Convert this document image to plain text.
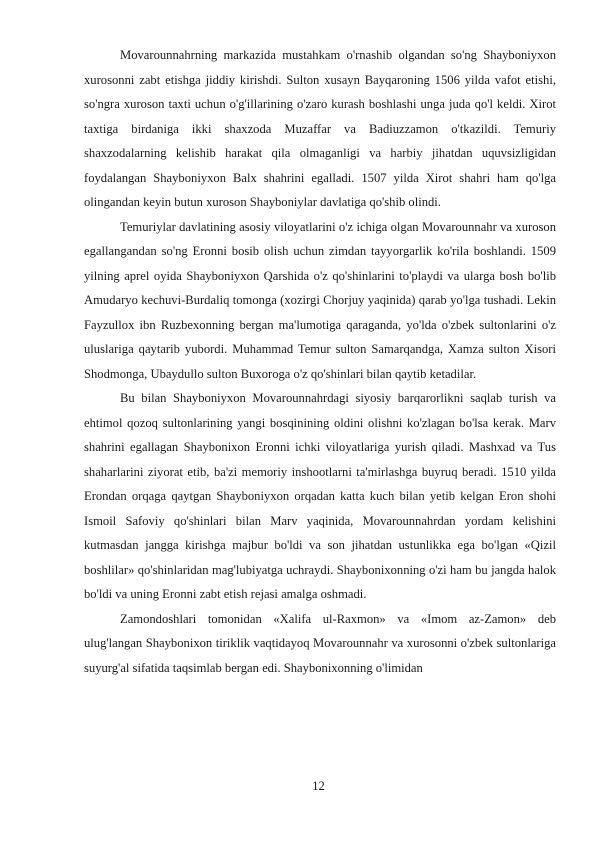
Movarounnahrning markazida mustahkam o'rnashib olgandan so'ng Shayboniyxon xurosonni zabt etishga jiddiy kirishdi. Sulton xusayn Bayqaroning 1506 yilda vafot etishi, so'ngra xuroson taxti uchun o'g'illarining o'zaro kurash boshlashi unga juda qo'l keldi. Xirot taxtiga birdaniga ikki shaxzoda Muzaffar va Badiuzzamon o'tkazildi. Temuriy shaxzodalarning kelishib harakat qila olmaganligi va harbiy jihatdan uquvsizligidan foydalangan Shayboniyxon Balx shahrini egalladi. 1507 yilda Xirot shahri ham qo'lga olingandan keyin butun xuroson Shayboniylar davlatiga qo'shib olindi.

Temuriylar davlatining asosiy viloyatlarini o'z ichiga olgan Movarounnahr va xuroson egallangandan so'ng Eronni bosib olish uchun zimdan tayyorgarlik ko'rila boshlandi. 1509 yilning aprel oyida Shayboniyxon Qarshida o'z qo'shinlarini to'playdi va ularga bosh bo'lib Amudaryo kechuvi-Burdaliq tomonga (xozirgi Chorjuy yaqinida) qarab yo'lga tushadi. Lekin Fayzullox ibn Ruzbexonning bergan ma'lumotiga qaraganda, yo'lda o'zbek sultonlarini o'z uluslariga qaytarib yubordi. Muhammad Temur sulton Samarqandga, Xamza sulton Xisori Shodmonga, Ubaydullo sulton Buxoroga o'z qo'shinlari bilan qaytib ketadilar.

Bu bilan Shayboniyxon Movarounnahrdagi siyosiy barqarorlikni saqlab turish va ehtimol qozoq sultonlarining yangi bosqinining oldini olishni ko'zlagan bo'lsa kerak. Marv shahrini egallagan Shayboniхon Eronni ichki viloyatlariga yurish qiladi. Mashxad va Tus shaharlarini ziyorat etib, ba'zi memoriy inshootlarni ta'mirlashga buyruq beradi. 1510 yilda Erondan orqaga qaytgan Shayboniyxon orqadan katta kuch bilan yetib kelgan Eron shohi Ismoil Safoviy qo'shinlari bilan Marv yaqinida, Movarounnahrdan yordam kelishini kutmasdan jangga kirishga majbur bo'ldi va son jihatdan ustunlikka ega bo'lgan «Qizil boshlilar» qo'shinlaridan mag'lubiyatga uchraydi. Shayboniхonning o'zi ham bu jangda halok bo'ldi va uning Eronni zabt etish rejasi amalga oshmadi.

Zamondoshlari tomonidan «Xalifa ul-Raxmon» va «Imom az-Zamon» deb ulug'langan Shayboniхon tiriklik vaqtidayoq Movarounnahr va xurosonni o'zbek sultonlariga suyurg'al sifatida taqsimlab bergan edi. Shayboniхonning o'limidan

12
